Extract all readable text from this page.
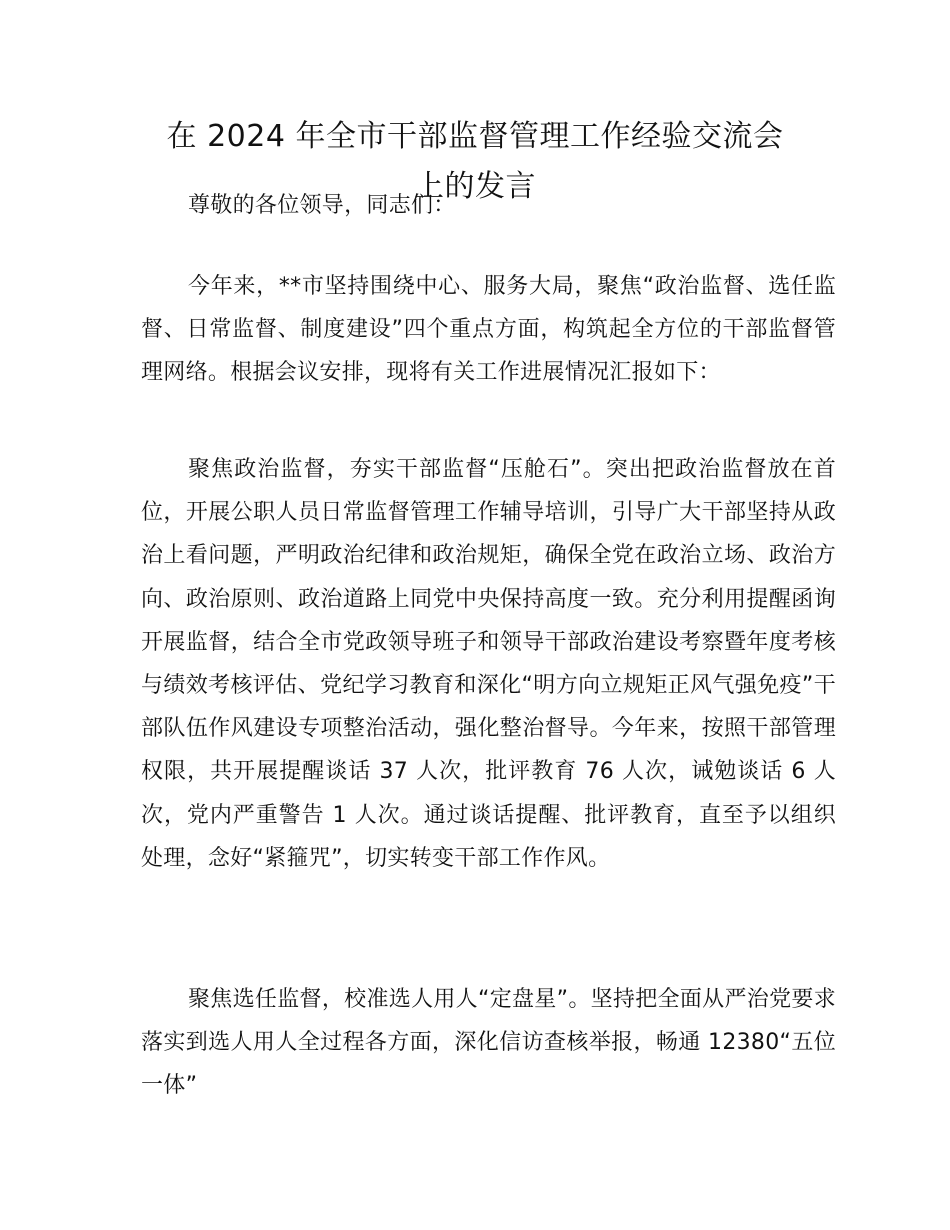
在 2024 年全市干部监督管理工作经验交流会
上的发言

尊敬的各位领导，同志们：

今年来，**市坚持围绕中心、服务大局，聚焦“政治监督、选任监督、日常监督、制度建设”四个重点方面，构筑起全方位的干部监督管理网络。根据会议安排，现将有关工作进展情况汇报如下：

聚焦政治监督，夯实干部监督“压舱石”。突出把政治监督放在首位，开展公职人员日常监督管理工作辅导培训，引导广大干部坚持从政治上看问题，严明政治纪律和政治规矩，确保全党在政治立场、政治方向、政治原则、政治道路上同党中央保持高度一致。充分利用提醒函询开展监督，结合全市党政领导班子和领导干部政治建设考察暨年度考核与绩效考核评估、党纪学习教育和深化“明方向立规矩正风气强免疫”干部队伍作风建设专项整治活动，强化整治督导。今年来，按照干部管理权限，共开展提醒谈话 37 人次，批评教育 76 人次，诫勉谈话 6 人次，党内严重警告 1 人次。通过谈话提醒、批评教育，直至予以组织处理，念好“紧箍咒”，切实转变干部工作作风。

聚焦选任监督，校准选人用人“定盘星”。坚持把全面从严治党要求落实到选人用人全过程各方面，深化信访查核举报，畅通 12380“五位一体”
